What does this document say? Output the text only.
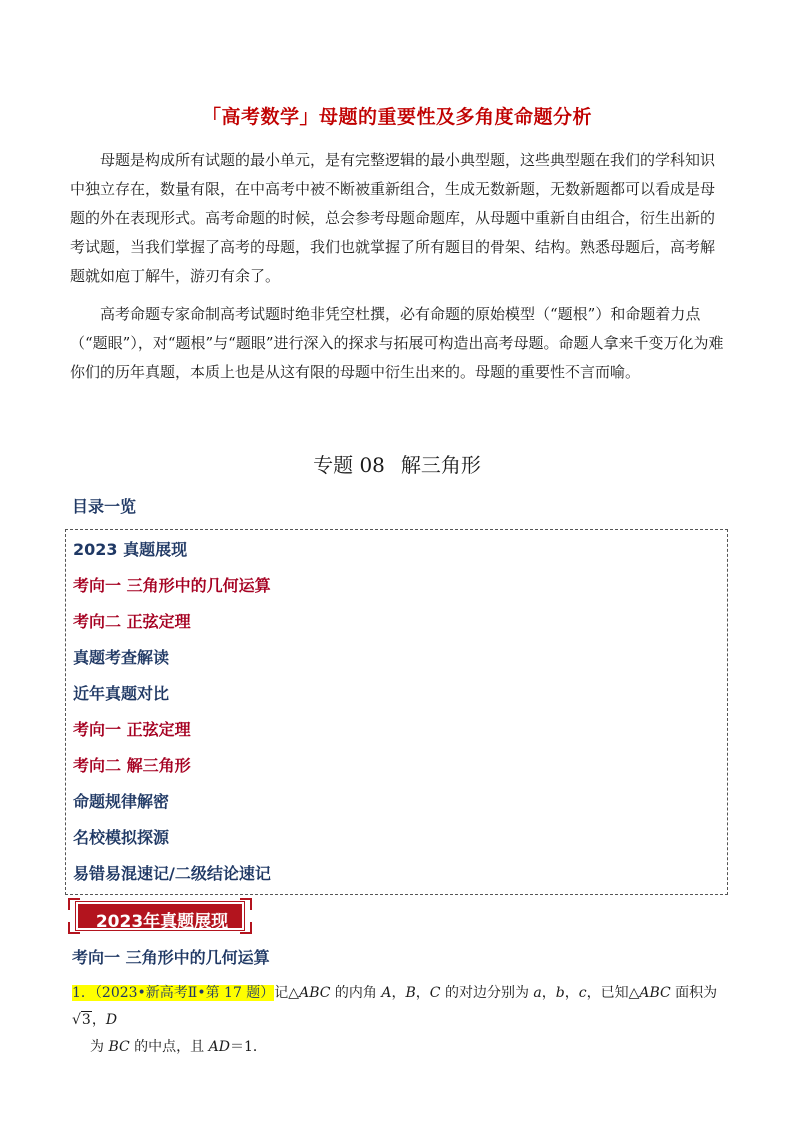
「高考数学」母题的重要性及多角度命题分析

母题是构成所有试题的最小单元，是有完整逻辑的最小典型题，这些典型题在我们的学科知识中独立存在，数量有限，在中高考中被不断被重新组合，生成无数新题，无数新题都可以看成是母题的外在表现形式。高考命题的时候，总会参考母题命题库，从母题中重新自由组合，衍生出新的考试题，当我们掌握了高考的母题，我们也就掌握了所有题目的骨架、结构。熟悉母题后，高考解题就如庖丁解牛，游刃有余了。

高考命题专家命制高考试题时绝非凭空杜撰，必有命题的原始模型（“题根”）和命题着力点（“题眼”），对“题根”与“题眼”进行深入的探求与拓展可构造出高考母题。命题人拿来千变万化为难你们的历年真题，本质上也是从这有限的母题中衍生出来的。母题的重要性不言而喻。

专题 08 解三角形
目录一览
2023 真题展现
考向一 三角形中的几何运算
考向二 正弦定理
真题考查解读
近年真题对比
考向一 正弦定理
考向二 解三角形
命题规律解密
名校模拟探源
易错易混速记/二级结论速记
2023年真题展现
考向一 三角形中的几何运算
1．（2023•新高考Ⅱ•第 17 题）记△ABC 的内角 A，B，C 的对边分别为 a，b，c，已知△ABC 面积为√3，D
为 BC 的中点，且 AD＝1．
